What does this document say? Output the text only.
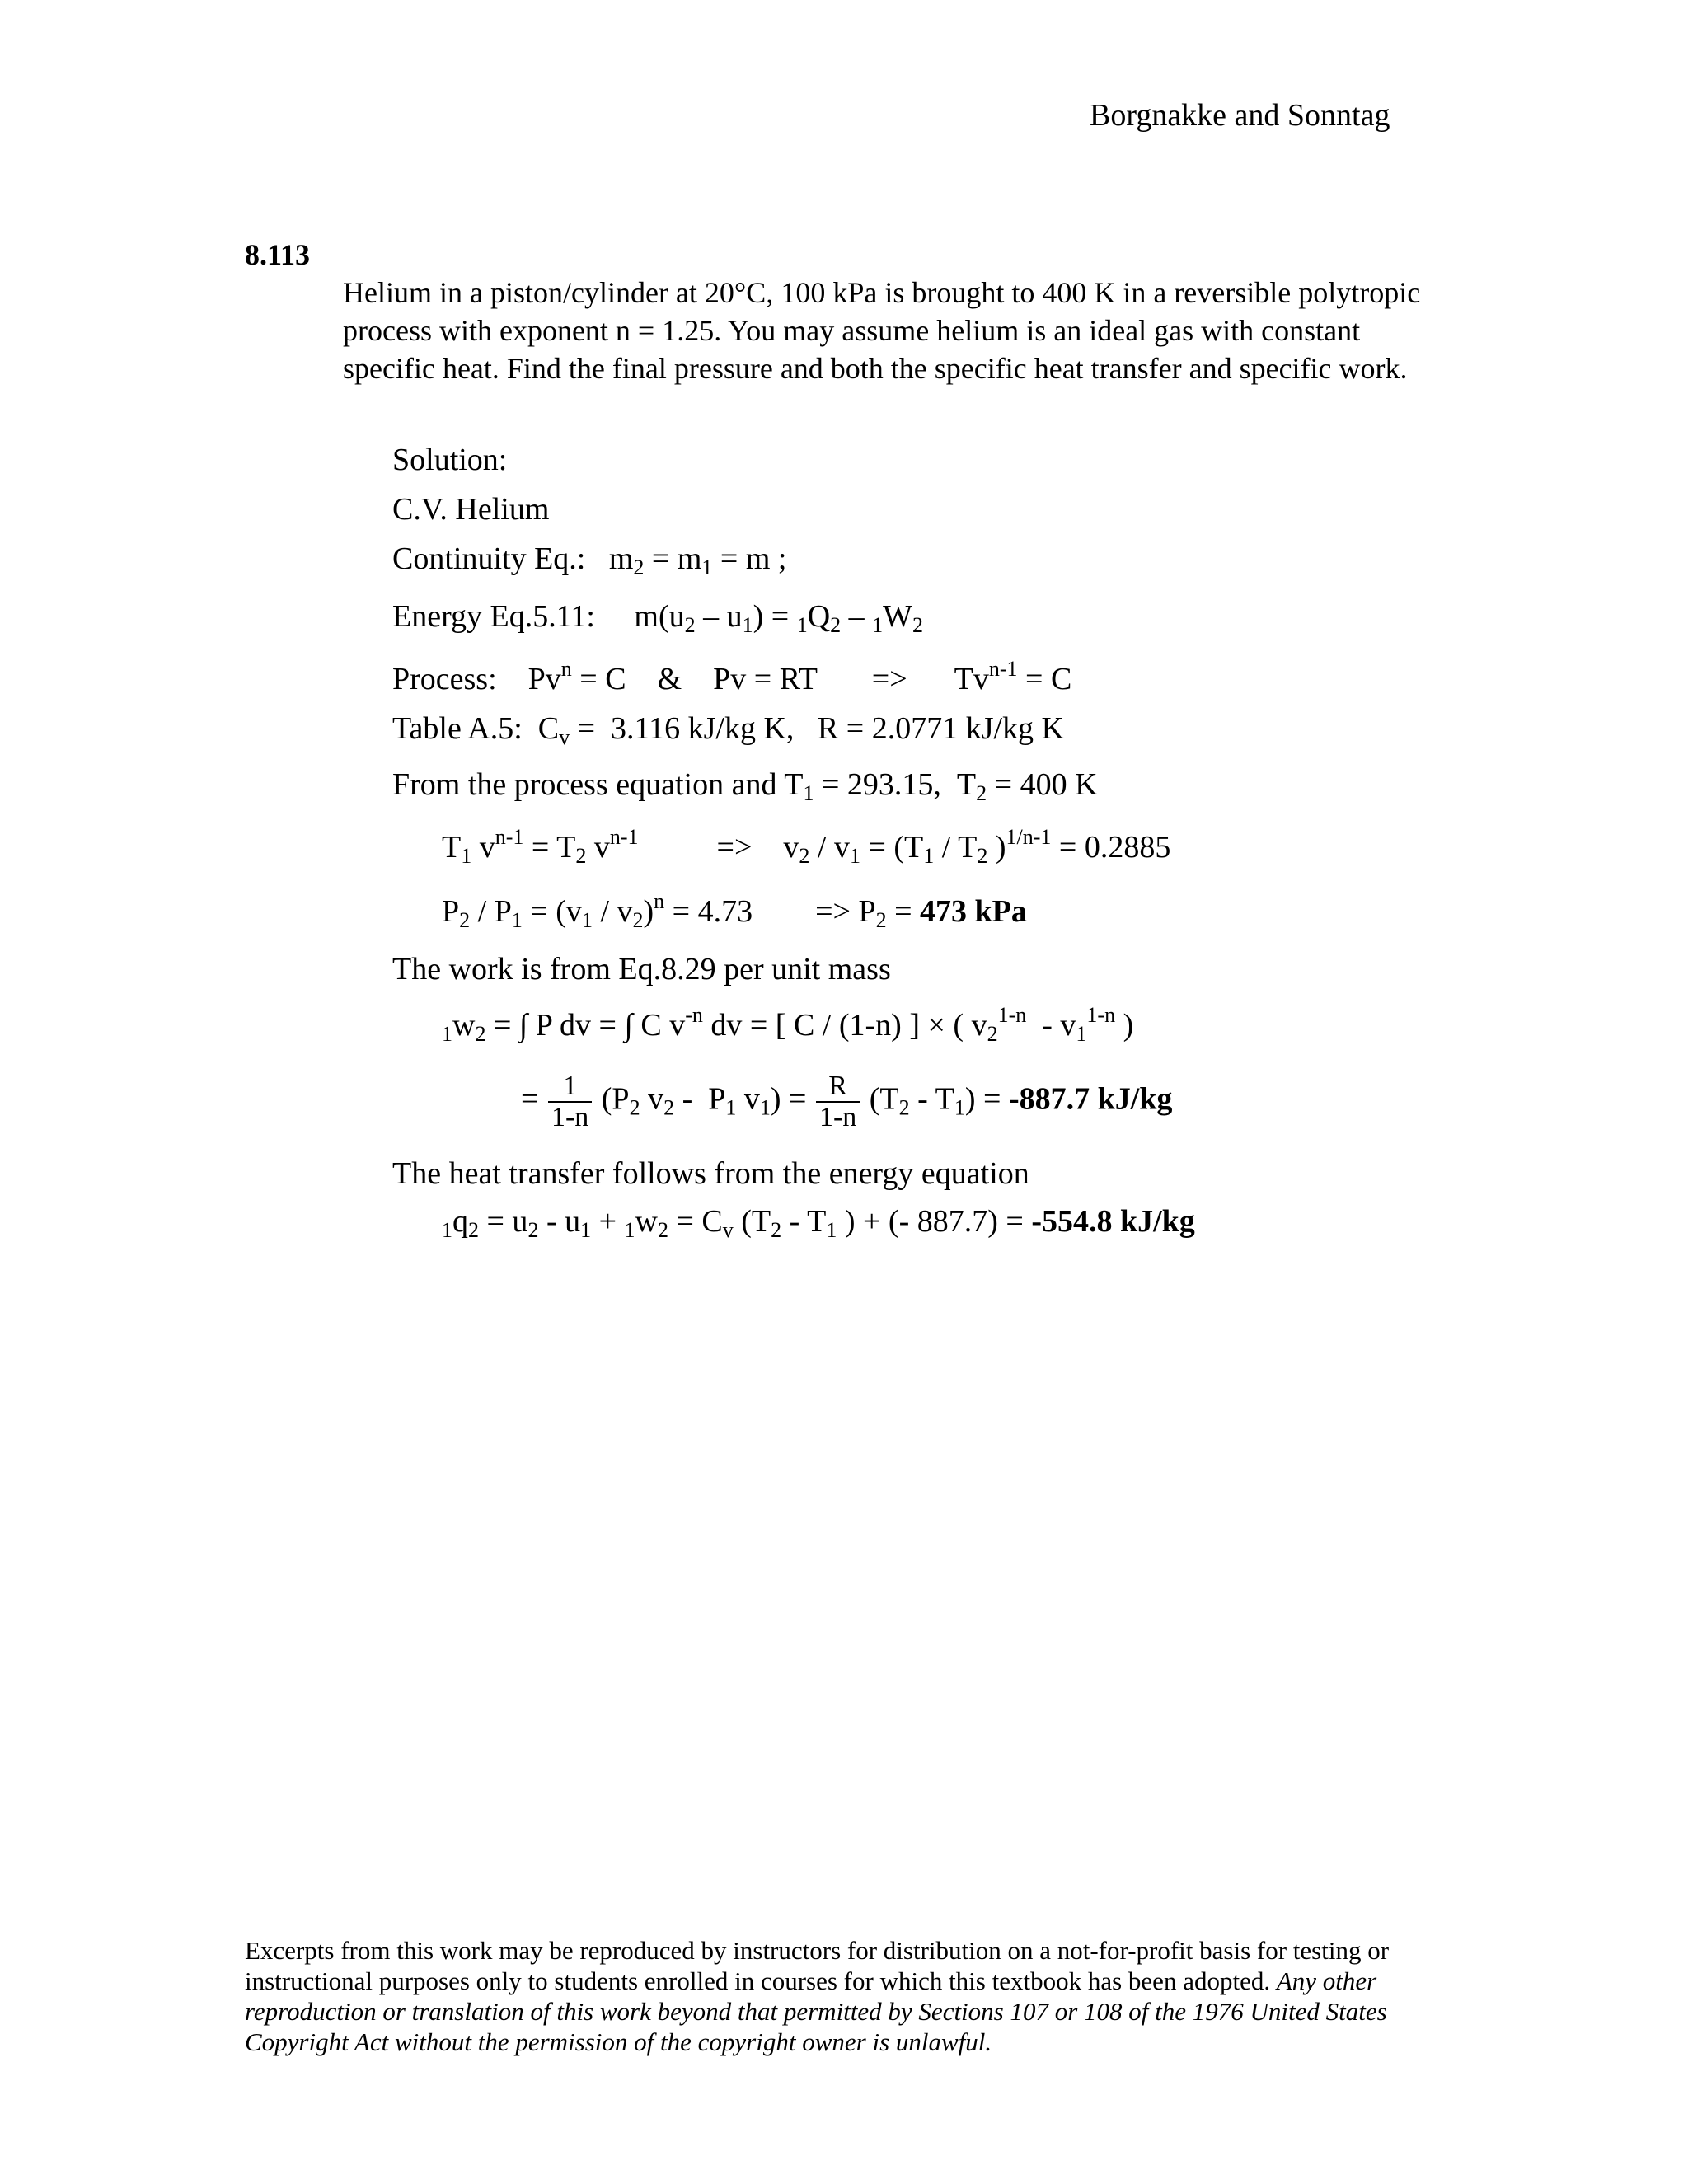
Borgnakke and Sonntag
8.113
Helium in a piston/cylinder at 20°C, 100 kPa is brought to 400 K in a reversible polytropic process with exponent n = 1.25. You may assume helium is an ideal gas with constant specific heat. Find the final pressure and both the specific heat transfer and specific work.
Solution:
C.V. Helium
Continuity Eq.:   $m_2 = m_1 = m$ ;
Energy Eq.5.11:     $m(u_2 - u_1) = _1Q_2 - _1W_2$
Process:    $Pv^n = C$    &    Pv = RT       =>      $Tv^{n-1} = C$
Table A.5:  $C_v = 3.116$ kJ/kg K,   R = 2.0771 kJ/kg K
From the process equation and $T_1 = 293.15$,  $T_2 = 400$ K
$T_1$ $v^{n-1} = T_2$ $v^{n-1}$          =>    $v_2 / v_1 = (T_1 / T_2$ )$^{1/n-1}$ = 0.2885
$P_2 / P_1 = (v_1 / v_2)^n = 4.73$        => $P_2 = 473$ kPa
The work is from Eq.8.29 per unit mass
$_1w_2$ = ∫ P dv = ∫ C $v^{-n}$ dv = [ C / (1-n) ] × ( $v_2^{1-n} - v_1^{1-n}$ )
= $\frac{1}{1-n} (P_2$ $v_2 - P_1$ $v_1) = \frac{R}{1-n} (T_2 - T_1) = -887.7$ kJ/kg
The heat transfer follows from the energy equation
$_1q_2 = u_2 - u_1 + _1w_2 = C_v$ ($T_2 - T_1$ ) + (- 887.7) = -554.8 kJ/kg
Excerpts from this work may be reproduced by instructors for distribution on a not-for-profit basis for testing or instructional purposes only to students enrolled in courses for which this textbook has been adopted. Any other reproduction or translation of this work beyond that permitted by Sections 107 or 108 of the 1976 United States Copyright Act without the permission of the copyright owner is unlawful.
